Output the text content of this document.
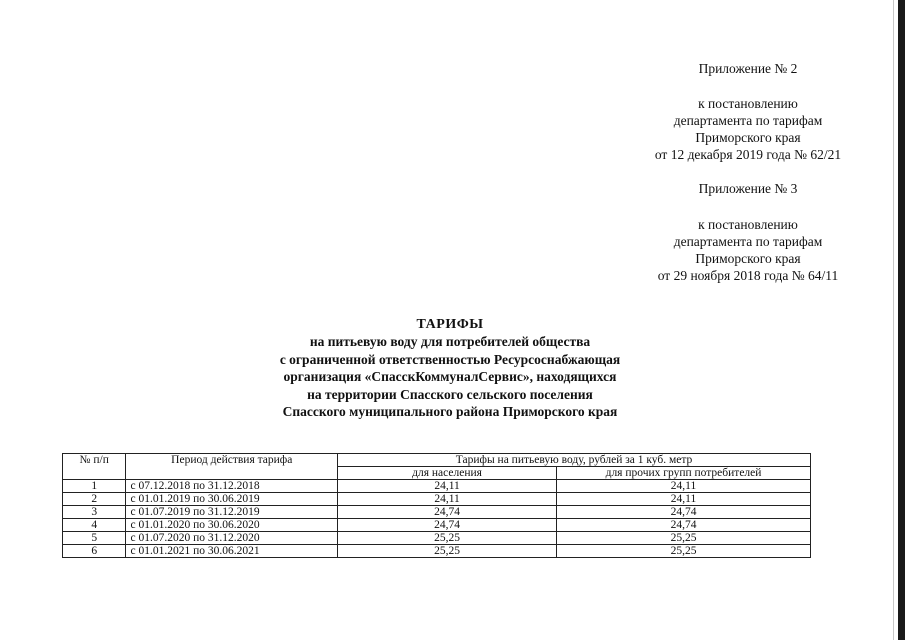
Приложение № 2
к постановлению
департамента по тарифам
Приморского края
от 12 декабря 2019 года № 62/21
Приложение № 3
к постановлению
департамента по тарифам
Приморского края
от 29 ноября 2018 года № 64/11
ТАРИФЫ
на питьевую воду для потребителей общества
с ограниченной ответственностью Ресурсоснабжающая
организация «СпасскКоммуналСервис», находящихся
на территории Спасского сельского поселения
Спасского муниципального района Приморского края
№ п/п	Период действия тарифа	Тарифы на питьевую воду, рублей за 1 куб. метр	
		для населения	для прочих групп потребителей
1	с 07.12.2018 по 31.12.2018	24,11	24,11
2	с 01.01.2019 по 30.06.2019	24,11	24,11
3	с 01.07.2019 по 31.12.2019	24,74	24,74
4	с 01.01.2020 по 30.06.2020	24,74	24,74
5	с 01.07.2020 по 31.12.2020	25,25	25,25
6	с 01.01.2021 по 30.06.2021	25,25	25,25
